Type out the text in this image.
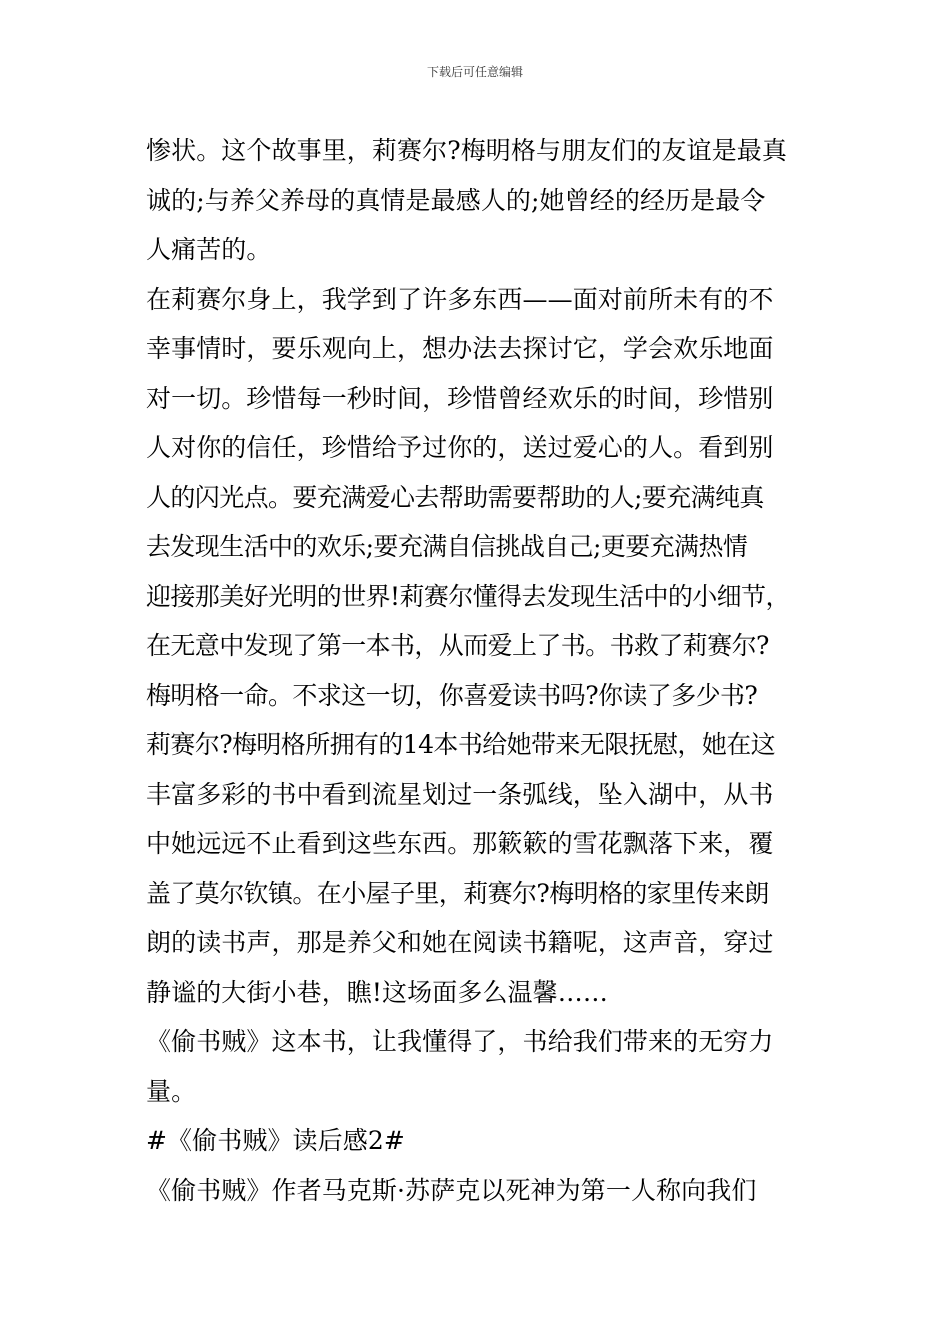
下载后可任意编辑
惨状。这个故事里，莉赛尔?梅明格与朋友们的友谊是最真
诚的;与养父养母的真情是最感人的;她曾经的经历是最令
人痛苦的。
在莉赛尔身上，我学到了许多东西——面对前所未有的不
幸事情时，要乐观向上，想办法去探讨它，学会欢乐地面
对一切。珍惜每一秒时间，珍惜曾经欢乐的时间，珍惜别
人对你的信任，珍惜给予过你的，送过爱心的人。看到别
人的闪光点。要充满爱心去帮助需要帮助的人;要充满纯真
去发现生活中的欢乐;要充满自信挑战自己;更要充满热情
迎接那美好光明的世界!莉赛尔懂得去发现生活中的小细节，
在无意中发现了第一本书，从而爱上了书。书救了莉赛尔?
梅明格一命。不求这一切，你喜爱读书吗?你读了多少书?
莉赛尔?梅明格所拥有的14本书给她带来无限抚慰，她在这
丰富多彩的书中看到流星划过一条弧线，坠入湖中，从书
中她远远不止看到这些东西。那簌簌的雪花飘落下来，覆
盖了莫尔钦镇。在小屋子里，莉赛尔?梅明格的家里传来朗
朗的读书声，那是养父和她在阅读书籍呢，这声音，穿过
静谧的大街小巷，瞧!这场面多么温馨……
《偷书贼》这本书，让我懂得了，书给我们带来的无穷力
量。
#《偷书贼》读后感2#
《偷书贼》作者马克斯·苏萨克以死神为第一人称向我们
